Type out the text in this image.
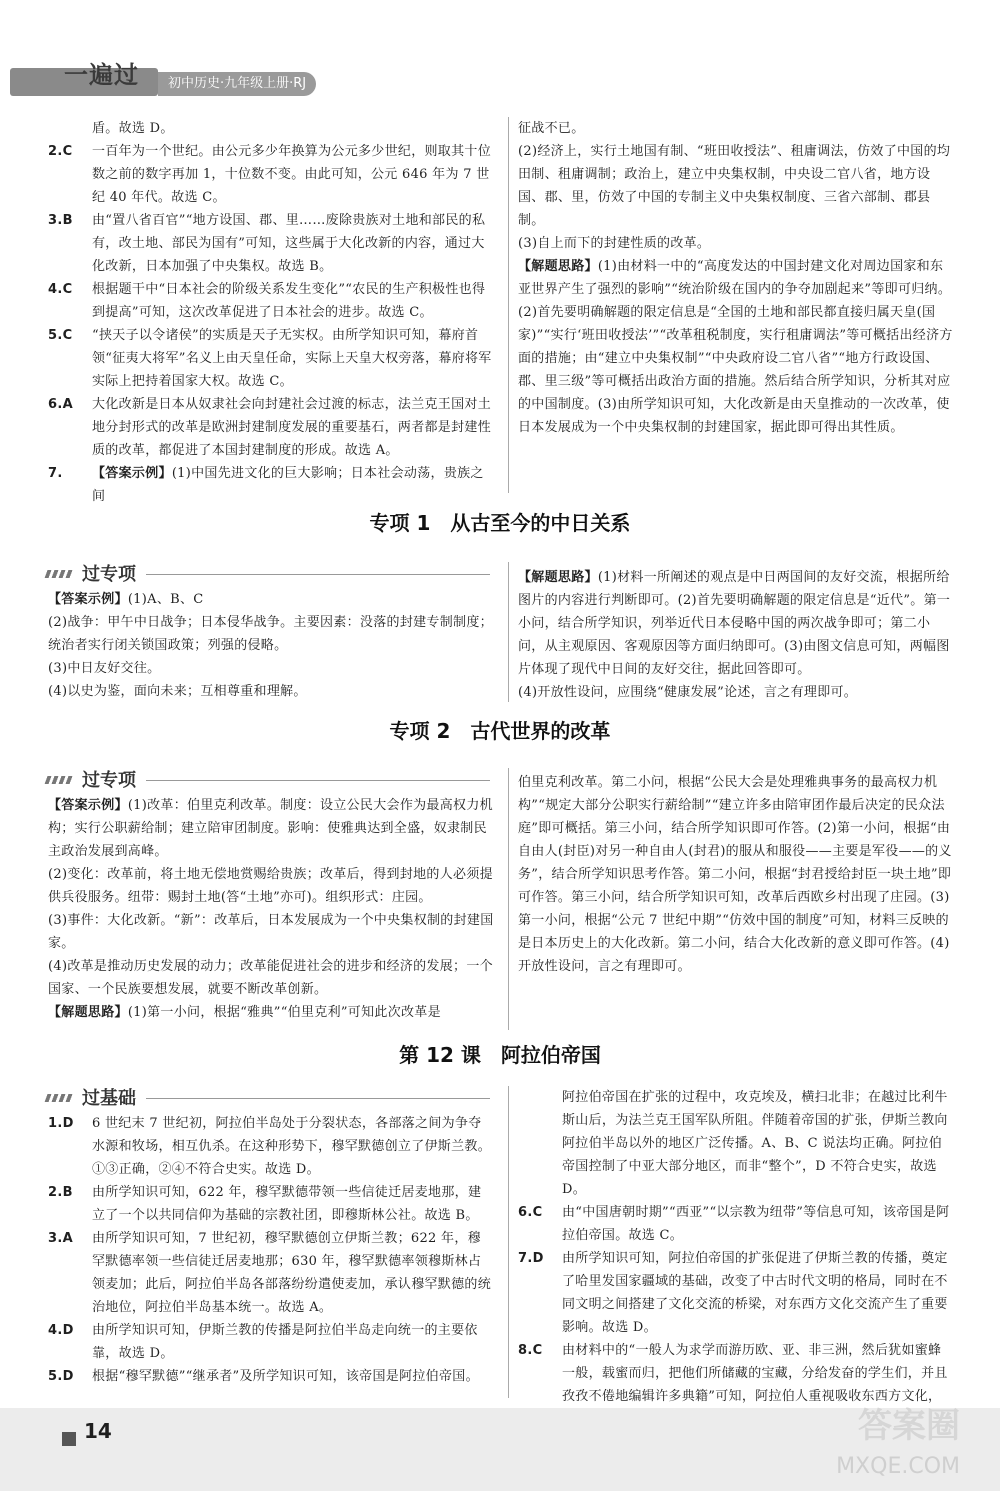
一遍过	初中历史·九年级上册·RJ
盾。故选 D。
2.C 一百年为一个世纪。由公元多少年换算为公元多少世纪，则取其十位数之前的数字再加 1，十位数不变。由此可知，公元 646 年为 7 世纪 40 年代。故选 C。
3.B 由“置八省百官”“地方设国、郡、里……废除贵族对土地和部民的私有，改土地、部民为国有”可知，这些属于大化改新的内容，通过大化改新，日本加强了中央集权。故选 B。
4.C 根据题干中“日本社会的阶级关系发生变化”“农民的生产积极性也得到提高”可知，这次改革促进了日本社会的进步。故选 C。
5.C “挟天子以令诸侯”的实质是天子无实权。由所学知识可知，幕府首领“征夷大将军”名义上由天皇任命，实际上天皇大权旁落，幕府将军实际上把持着国家大权。故选 C。
6.A 大化改新是日本从奴隶社会向封建社会过渡的标志，法兰克王国对土地分封形式的改革是欧洲封建制度发展的重要基石，两者都是封建性质的改革，都促进了本国封建制度的形成。故选 A。
7. 【答案示例】(1)中国先进文化的巨大影响；日本社会动荡，贵族之间
征战不已。
(2)经济上，实行土地国有制、“班田收授法”、租庸调法，仿效了中国的均田制、租庸调制；政治上，建立中央集权制，中央设二官八省，地方设国、郡、里，仿效了中国的专制主义中央集权制度、三省六部制、郡县制。
(3)自上而下的封建性质的改革。
【解题思路】(1)由材料一中的“高度发达的中国封建文化对周边国家和东亚世界产生了强烈的影响”“统治阶级在国内的争夺加剧起来”等即可归纳。(2)首先要明确解题的限定信息是“全国的土地和部民都直接归属天皇(国家)”“实行‘班田收授法’”“改革租税制度，实行租庸调法”等可概括出经济方面的措施；由“建立中央集权制”“中央政府设二官八省”“地方行政设国、郡、里三级”等可概括出政治方面的措施。然后结合所学知识，分析其对应的中国制度。(3)由所学知识可知，大化改新是由天皇推动的一次改革，使日本发展成为一个中央集权制的封建国家，据此即可得出其性质。
专项 1　从古至今的中日关系
过专项
【答案示例】(1)A、B、C
(2)战争：甲午中日战争；日本侵华战争。主要因素：没落的封建专制制度；统治者实行闭关锁国政策；列强的侵略。
(3)中日友好交往。
(4)以史为鉴，面向未来；互相尊重和理解。
【解题思路】(1)材料一所阐述的观点是中日两国间的友好交流，根据所给图片的内容进行判断即可。(2)首先要明确解题的限定信息是“近代”。第一小问，结合所学知识，列举近代日本侵略中国的两次战争即可；第二小问，从主观原因、客观原因等方面归纳即可。(3)由图文信息可知，两幅图片体现了现代中日间的友好交往，据此回答即可。
(4)开放性设问，应围绕“健康发展”论述，言之有理即可。
专项 2　古代世界的改革
过专项
【答案示例】(1)改革：伯里克利改革。制度：设立公民大会作为最高权力机构；实行公职薪给制；建立陪审团制度。影响：使雅典达到全盛，奴隶制民主政治发展到高峰。
(2)变化：改革前，将土地无偿地赏赐给贵族；改革后，得到封地的人必须提供兵役服务。纽带：赐封土地(答“土地”亦可)。组织形式：庄园。
(3)事件：大化改新。“新”：改革后，日本发展成为一个中央集权制的封建国家。
(4)改革是推动历史发展的动力；改革能促进社会的进步和经济的发展；一个国家、一个民族要想发展，就要不断改革创新。
【解题思路】(1)第一小问，根据“雅典”“伯里克利”可知此次改革是
伯里克利改革。第二小问，根据“公民大会是处理雅典事务的最高权力机构”“规定大部分公职实行薪给制”“建立许多由陪审团作最后决定的民众法庭”即可概括。第三小问，结合所学知识即可作答。(2)第一小问，根据“由自由人(封臣)对另一种自由人(封君)的服从和服役——主要是军役——的义务”，结合所学知识思考作答。第二小问，根据“封君授给封臣一块土地”即可作答。第三小问，结合所学知识可知，改革后西欧乡村出现了庄园。(3)第一小问，根据“公元 7 世纪中期”“仿效中国的制度”可知，材料三反映的是日本历史上的大化改新。第二小问，结合大化改新的意义即可作答。(4)开放性设问，言之有理即可。
第 12 课　阿拉伯帝国
过基础
1.D 6 世纪末 7 世纪初，阿拉伯半岛处于分裂状态，各部落之间为争夺水源和牧场，相互仇杀。在这种形势下，穆罕默德创立了伊斯兰教。①③正确，②④不符合史实。故选 D。
2.B 由所学知识可知，622 年，穆罕默德带领一些信徒迁居麦地那，建立了一个以共同信仰为基础的宗教社团，即穆斯林公社。故选 B。
3.A 由所学知识可知，7 世纪初，穆罕默德创立伊斯兰教；622 年，穆罕默德率领一些信徒迁居麦地那；630 年，穆罕默德率领穆斯林占领麦加；此后，阿拉伯半岛各部落纷纷遣使麦加，承认穆罕默德的统治地位，阿拉伯半岛基本统一。故选 A。
4.D 由所学知识可知，伊斯兰教的传播是阿拉伯半岛走向统一的主要依靠，故选 D。
5.D 根据“穆罕默德”“继承者”及所学知识可知，该帝国是阿拉伯帝国。
阿拉伯帝国在扩张的过程中，攻克埃及，横扫北非；在越过比利牛斯山后，为法兰克王国军队所阻。伴随着帝国的扩张，伊斯兰教向阿拉伯半岛以外的地区广泛传播。A、B、C 说法均正确。阿拉伯帝国控制了中亚大部分地区，而非“整个”，D 不符合史实，故选 D。
6.C 由“中国唐朝时期”“西亚”“以宗教为纽带”等信息可知，该帝国是阿拉伯帝国。故选 C。
7.D 由所学知识可知，阿拉伯帝国的扩张促进了伊斯兰教的传播，奠定了哈里发国家疆域的基础，改变了中古时代文明的格局，同时在不同文明之间搭建了文化交流的桥梁，对东西方文化交流产生了重要影响。故选 D。
8.C 由材料中的“一般人为求学而游历欧、亚、非三洲，然后犹如蜜蜂一般，载蜜而归，把他们所储藏的宝藏，分给发奋的学生们，并且孜孜不倦地编辑许多典籍”可知，阿拉伯人重视吸收东西方文化，
14	答案圈
MXQE.COM
